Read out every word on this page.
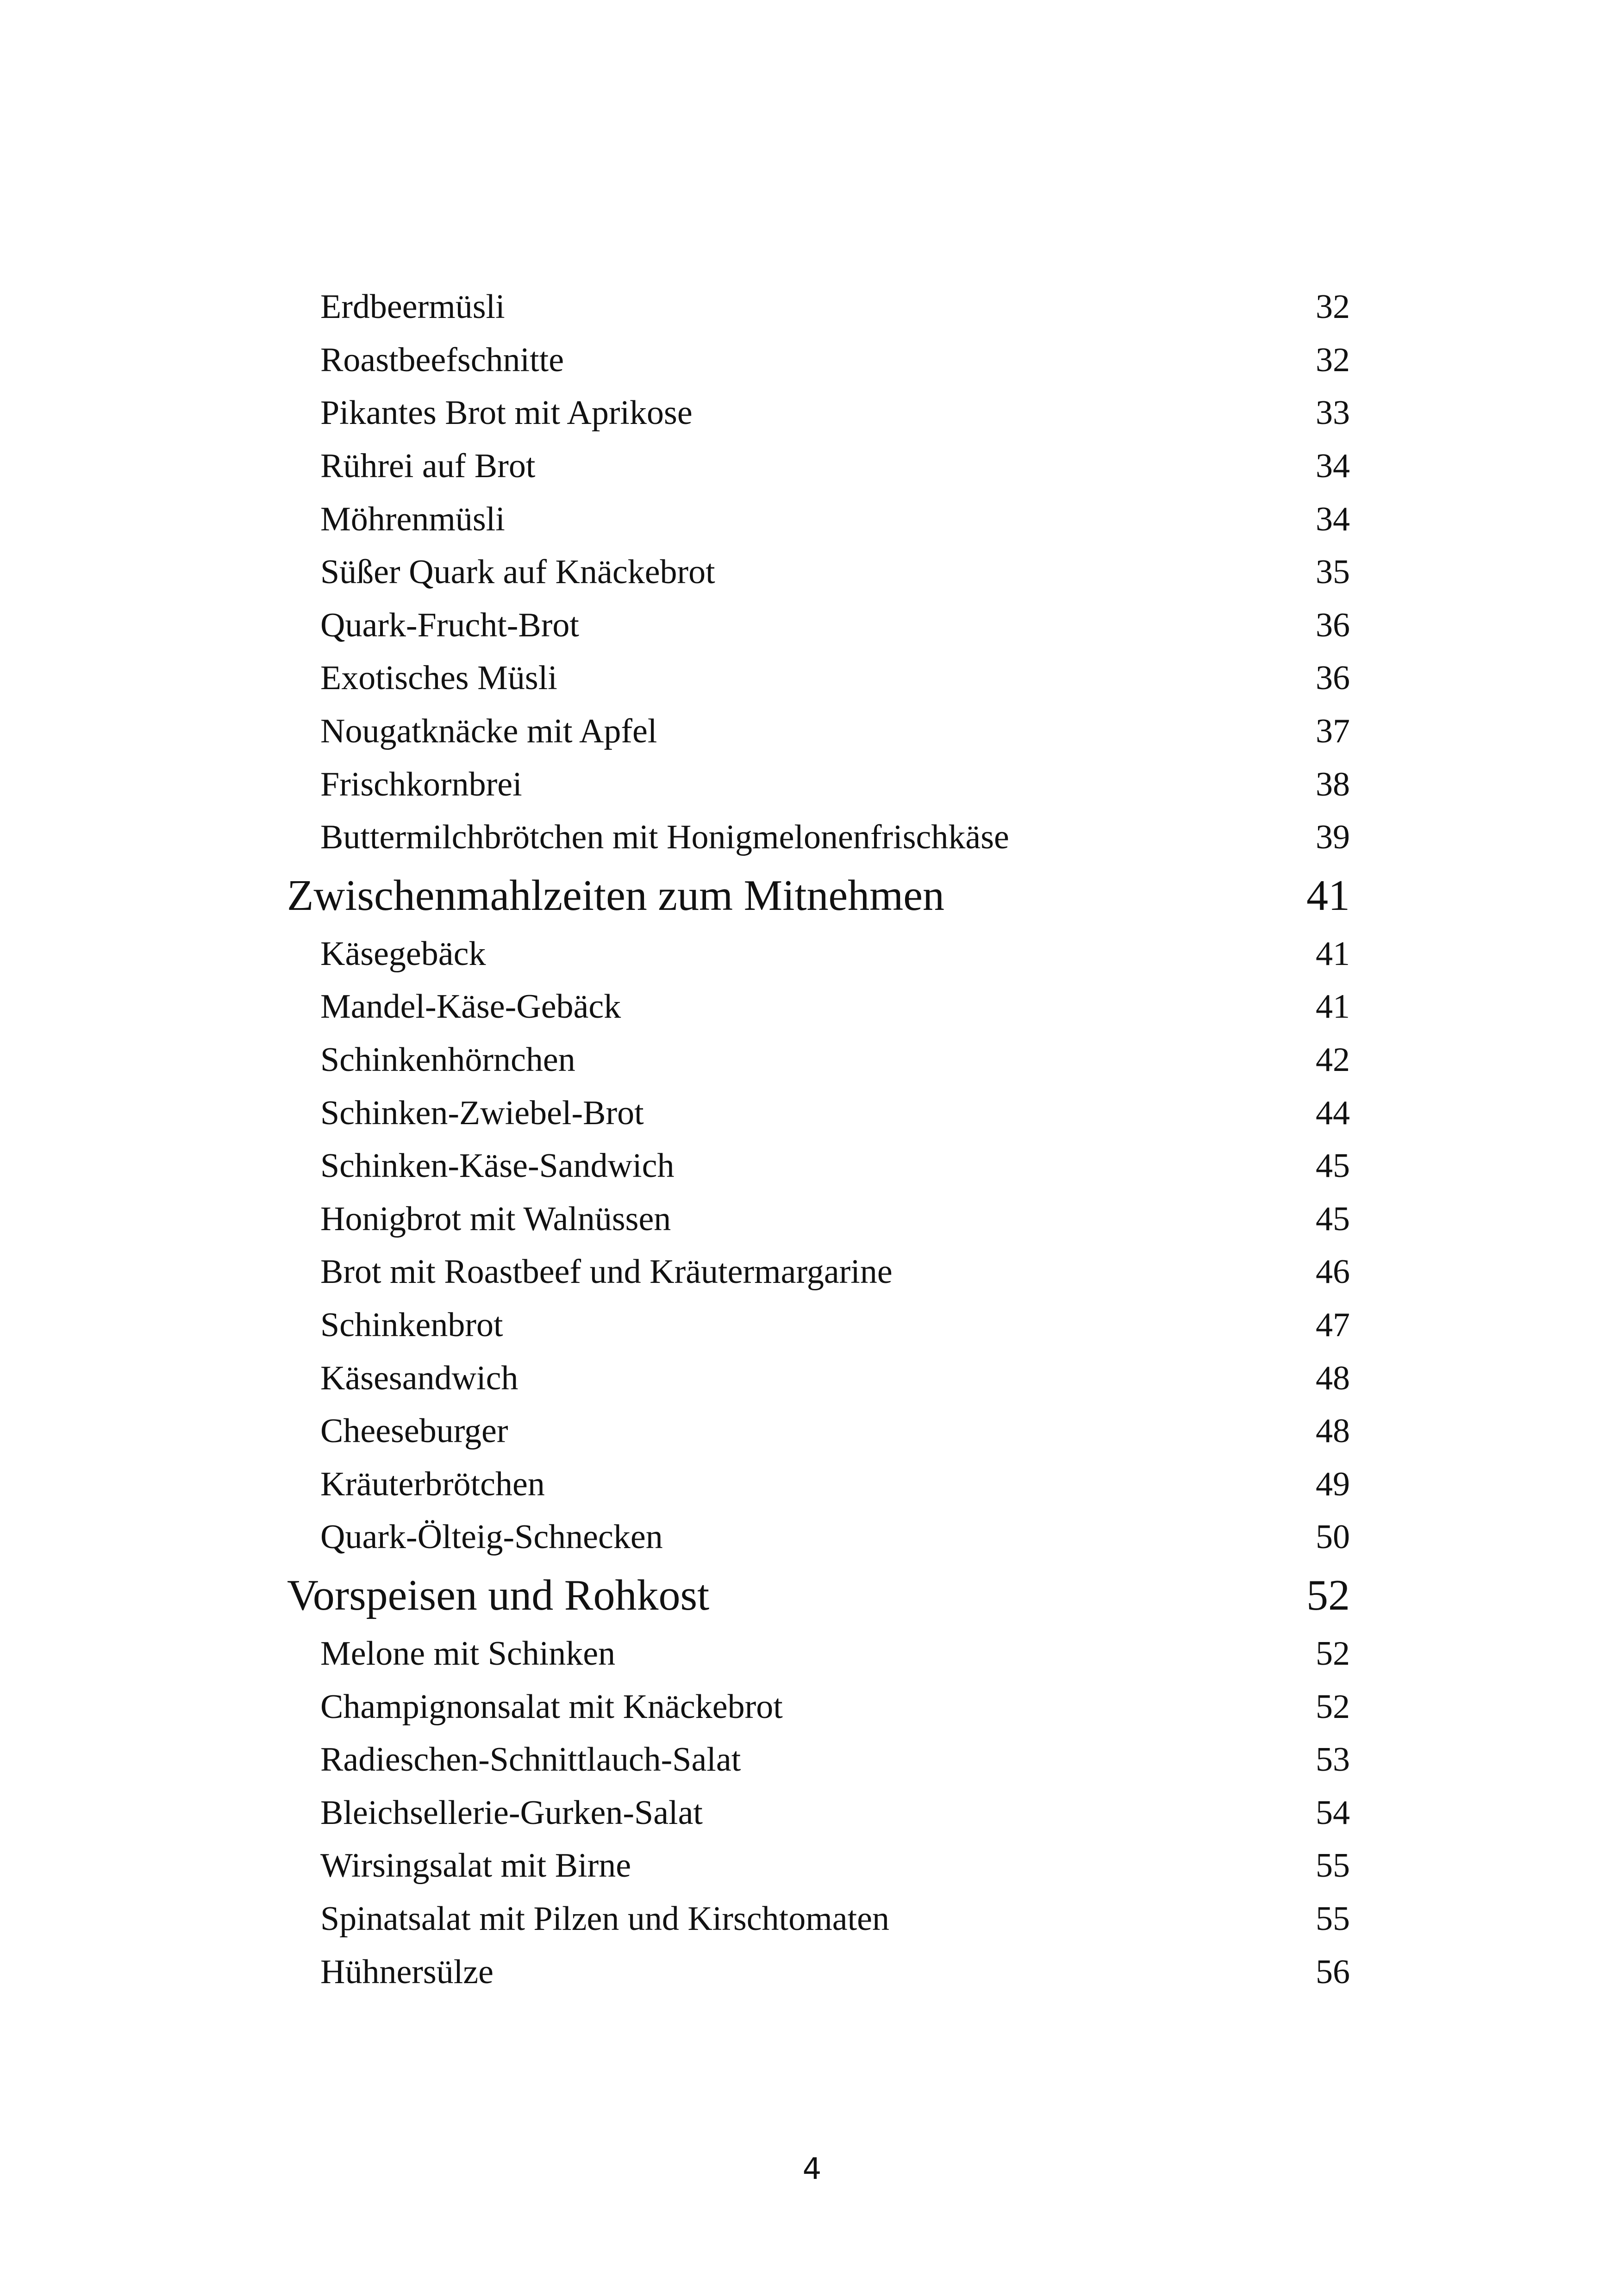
Erdbeermüsli	32
Roastbeefschnitte	32
Pikantes Brot mit Aprikose	33
Rührei auf Brot	34
Möhrenmüsli	34
Süßer Quark auf Knäckebrot	35
Quark-Frucht-Brot	36
Exotisches Müsli	36
Nougatknäcke mit Apfel	37
Frischkornbrei	38
Buttermilchbrötchen mit Honigmelonenfrischkäse	39
Zwischenmahlzeiten zum Mitnehmen	41
Käsegebäck	41
Mandel-Käse-Gebäck	41
Schinkenhörnchen	42
Schinken-Zwiebel-Brot	44
Schinken-Käse-Sandwich	45
Honigbrot mit Walnüssen	45
Brot mit Roastbeef und Kräutermargarine	46
Schinkenbrot	47
Käsesandwich	48
Cheeseburger	48
Kräuterbrötchen	49
Quark-Ölteig-Schnecken	50
Vorspeisen und Rohkost	52
Melone mit Schinken	52
Champignonsalat mit Knäckebrot	52
Radieschen-Schnittlauch-Salat	53
Bleichsellerie-Gurken-Salat	54
Wirsingsalat mit Birne	55
Spinatsalat mit Pilzen und Kirschtomaten	55
Hühnersülze	56
4
